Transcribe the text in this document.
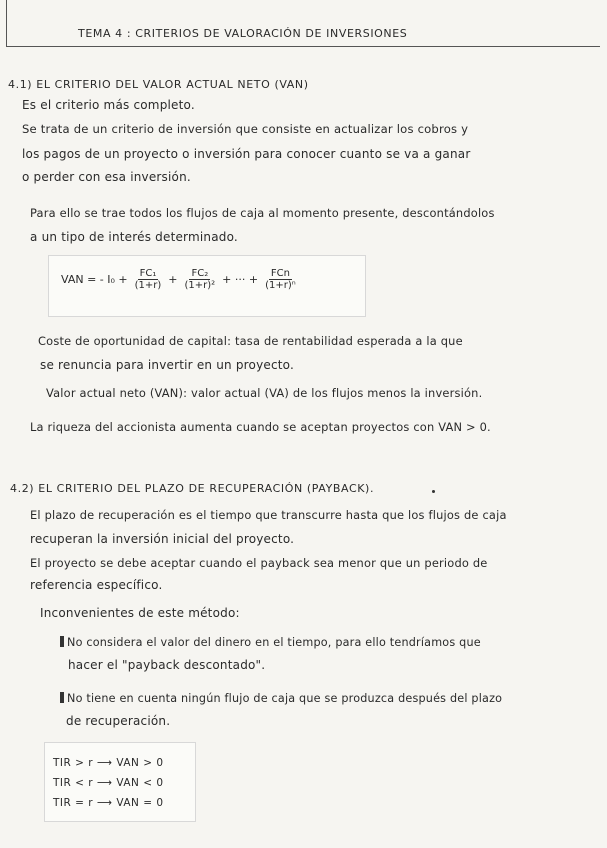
TEMA 4 : CRITERIOS DE VALORACIÓN DE INVERSIONES
4.1) EL CRITERIO DEL VALOR ACTUAL NETO (VAN)
Es el criterio más completo.
Se trata de un criterio de inversión que consiste en actualizar los cobros y
los pagos de un proyecto o inversión para conocer cuanto se va a ganar
o perder con esa inversión.
Para ello se trae todos los flujos de caja al momento presente, descontándolos
a un tipo de interés determinado.
VAN = - $I_0 + \frac{\text{FC₁}}{(1+r)} + \frac{\text{FC₂}}{\text{(1+r)²}}$ + ··· + $\frac{\text{FCn}}{\text{(1+r)ⁿ}}$
Coste de oportunidad de capital: tasa de rentabilidad esperada a la que
se renuncia para invertir en un proyecto.
Valor actual neto (VAN): valor actual (VA) de los flujos menos la inversión.
La riqueza del accionista aumenta cuando se aceptan proyectos con VAN > 0.
4.2) EL CRITERIO DEL PLAZO DE RECUPERACIÓN (PAYBACK).
El plazo de recuperación es el tiempo que transcurre hasta que los flujos de caja
recuperan la inversión inicial del proyecto.
El proyecto se debe aceptar cuando el payback sea menor que un periodo de
referencia específico.
Inconvenientes de este método:
No considera el valor del dinero en el tiempo, para ello tendríamos que
hacer el "payback descontado".
No tiene en cuenta ningún flujo de caja que se produzca después del plazo
de recuperación.
TIR > r ⟶ VAN > 0
TIR < r ⟶ VAN < 0
TIR = r ⟶ VAN = 0
